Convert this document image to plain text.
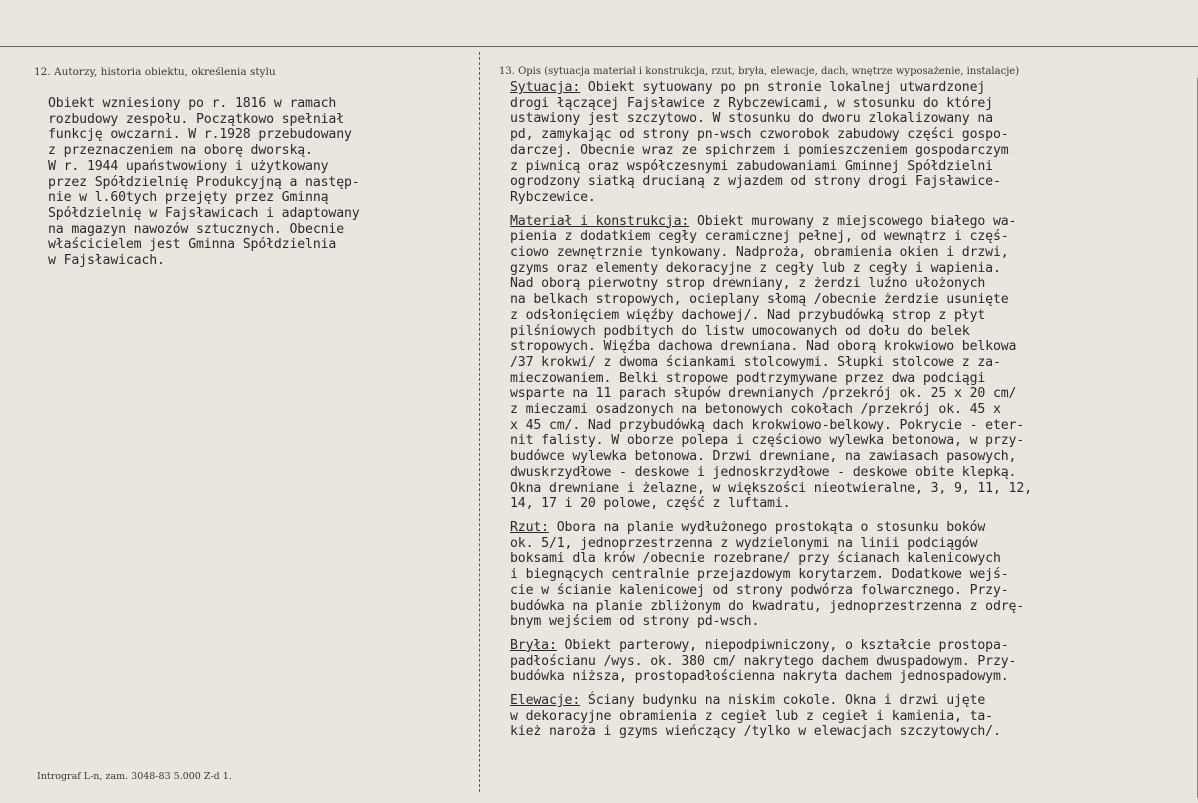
12. Autorzy, historia obiektu, określenia stylu	13. Opis (sytuacja materiał i konstrukcja, rzut, bryła, elewacje, dach, wnętrze wyposażenie, instalacje)

Obiekt wzniesiony po r. 1816 w ramach
rozbudowy zespołu. Początkowo spełniał
funkcję owczarni. W r.1928 przebudowany
z przeznaczeniem na oborę dworską.
W r. 1944 upaństwowiony i użytkowany
przez Spółdzielnię Produkcyjną a następ-
nie w l.60tych przejęty przez Gminną
Spółdzielnię w Fajsławicach i adaptowany
na magazyn nawozów sztucznych. Obecnie
właścicielem jest Gminna Spółdzielnia
w Fajsławicach.

Sytuacja: Obiekt sytuowany po pn stronie lokalnej utwardzonej
drogi łączącej Fajsławice z Rybczewicami, w stosunku do której
ustawiony jest szczytowo. W stosunku do dworu zlokalizowany na
pd, zamykając od strony pn-wsch czworobok zabudowy części gospo-
darczej. Obecnie wraz ze spichrzem i pomieszczeniem gospodarczym
z piwnicą oraz współczesnymi zabudowaniami Gminnej Spółdzielni
ogrodzony siatką drucianą z wjazdem od strony drogi Fajsławice-
Rybczewice.

Materiał i konstrukcja: Obiekt murowany z miejscowego białego wa-
pienia z dodatkiem cegły ceramicznej pełnej, od wewnątrz i częś-
ciowo zewnętrznie tynkowany. Nadproża, obramienia okien i drzwi,
gzyms oraz elementy dekoracyjne z cegły lub z cegły i wapienia.
Nad oborą pierwotny strop drewniany, z żerdzi luźno ułożonych
na belkach stropowych, ocieplany słomą /obecnie żerdzie usunięte
z odsłonięciem więźby dachowej/. Nad przybudówką strop z płyt
pilśniowych podbitych do listw umocowanych od dołu do belek
stropowych. Więźba dachowa drewniana. Nad oborą krokwiowo belkowa
/37 krokwi/ z dwoma ściankami stolcowymi. Słupki stolcowe z za-
mieczowaniem. Belki stropowe podtrzymywane przez dwa podciągi
wsparte na 11 parach słupów drewnianych /przekrój ok. 25 x 20 cm/
z mieczami osadzonych na betonowych cokołach /przekrój ok. 45 x
x 45 cm/. Nad przybudówką dach krokwiowo-belkowy. Pokrycie - eter-
nit falisty. W oborze polepa i częściowo wylewka betonowa, w przy-
budówce wylewka betonowa. Drzwi drewniane, na zawiasach pasowych,
dwuskrzydłowe - deskowe i jednoskrzydłowe - deskowe obite klepką.
Okna drewniane i żelazne, w większości nieotwieralne, 3, 9, 11, 12,
14, 17 i 20 polowe, część z luftami.

Rzut: Obora na planie wydłużonego prostokąta o stosunku boków
ok. 5/1, jednoprzestrzenna z wydzielonymi na linii podciągów
boksami dla krów /obecnie rozebrane/ przy ścianach kalenicowych
i biegnących centralnie przejazdowym korytarzem. Dodatkowe wejś-
cie w ścianie kalenicowej od strony podwórza folwarcznego. Przy-
budówka na planie zbliżonym do kwadratu, jednoprzestrzenna z odrę-
bnym wejściem od strony pd-wsch.

Bryła: Obiekt parterowy, niepodpiwniczony, o kształcie prostopa-
padłościanu /wys. ok. 380 cm/ nakrytego dachem dwuspadowym. Przy-
budówka niższa, prostopadłościenna nakryta dachem jednospadowym.

Elewacje: Ściany budynku na niskim cokole. Okna i drzwi ujęte
w dekoracyjne obramienia z cegieł lub z cegieł i kamienia, ta-
kież naroża i gzyms wieńczący /tylko w elewacjach szczytowych/.

Intrograf L-n, zam. 3048-83 5.000 Z-d 1.
